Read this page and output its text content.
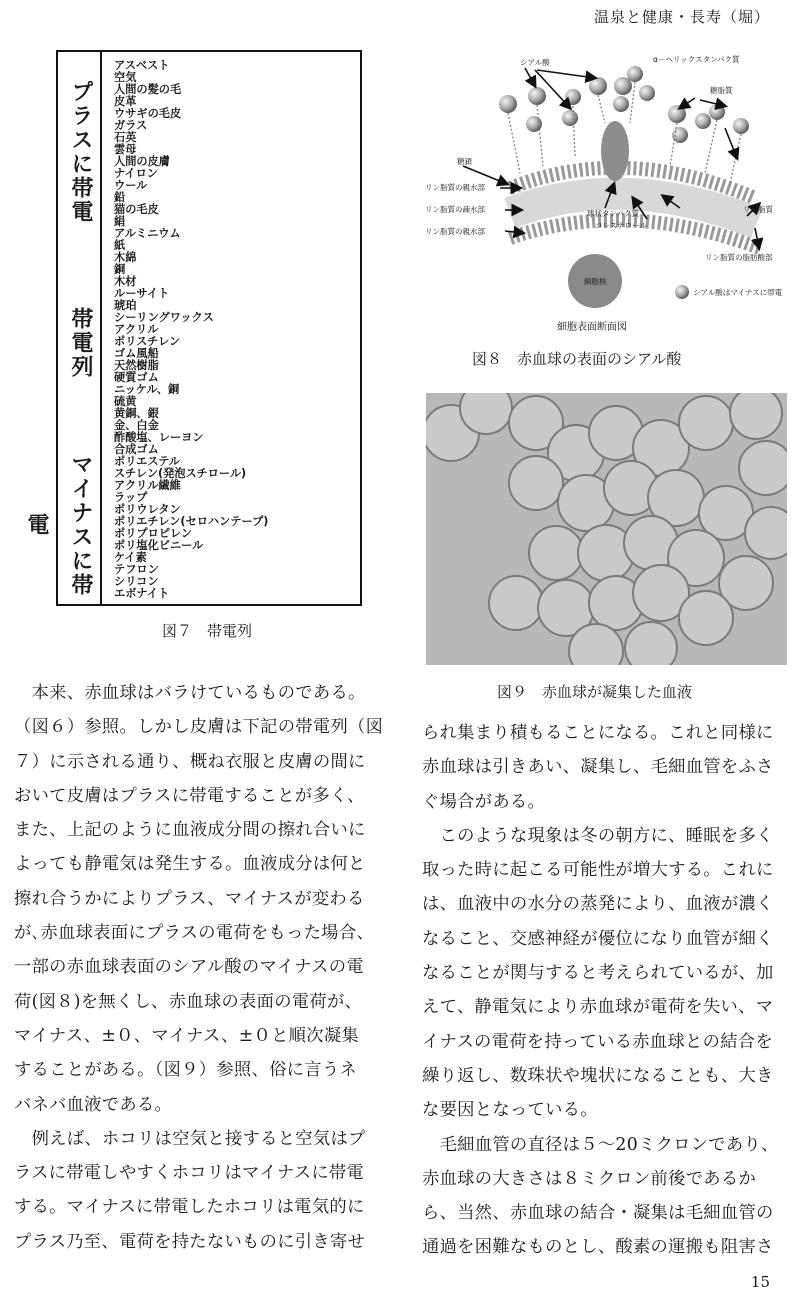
温泉と健康・長寿（堀）
プラスに帯電
帯電列
マイナスに帯電
アスベスト
空気
人間の髪の毛
皮革
ウサギの毛皮
ガラス
石英
雲母
人間の皮膚
ナイロン
ウール
鉛
猫の毛皮
絹
アルミニウム
紙
木綿
銅
木材
ルーサイト
琥珀
シーリングワックス
アクリル
ポリスチレン
ゴム風船
天然樹脂
硬質ゴム
ニッケル、銅
硫黄
黄銅、銀
金、白金
酢酸塩、レーヨン
合成ゴム
ポリエステル
スチレン(発泡スチロール)
アクリル繊維
ラップ
ポリウレタン
ポリエチレン(セロハンテープ)
ポリプロピレン
ポリ塩化ビニール
ケイ素
テフロン
シリコン
エボナイト
図７　帯電列
シアル酸	α－ヘリックスタンパク質
糖脂質
糖鎖
リン脂質の親水部
リン脂質の疎水部
リン脂質の親水部
球状タンパク質
コレステロール
リン脂質
リン脂質の脂肪酸部
シアル酸はマイナスに帯電
細胞表面断面図
細胞核
図８　赤血球の表面のシアル酸
図９　赤血球が凝集した血液

　本来、赤血球はバラけているものである。

（図６）参照。しかし皮膚は下記の帯電列（図

７）に示される通り、概ね衣服と皮膚の間に

おいて皮膚はプラスに帯電することが多く、

また、上記のように血液成分間の擦れ合いに

よっても静電気は発生する。血液成分は何と

擦れ合うかによりプラス、マイナスが変わる

が､赤血球表面にプラスの電荷をもった場合、

一部の赤血球表面のシアル酸のマイナスの電

荷(図８)を無くし、赤血球の表面の電荷が、

マイナス、±０、マイナス、±０と順次凝集

することがある。（図９）参照、俗に言うネ

バネバ血液である。

　例えば、ホコリは空気と接すると空気はプ

ラスに帯電しやすくホコリはマイナスに帯電

する。マイナスに帯電したホコリは電気的に

プラス乃至、電荷を持たないものに引き寄せ

られ集まり積もることになる。これと同様に

赤血球は引きあい、凝集し、毛細血管をふさ

ぐ場合がある。

　このような現象は冬の朝方に、睡眠を多く

取った時に起こる可能性が増大する。これに

は、血液中の水分の蒸発により、血液が濃く

なること、交感神経が優位になり血管が細く

なることが関与すると考えられているが、加

えて、静電気により赤血球が電荷を失い、マ

イナスの電荷を持っている赤血球との結合を

繰り返し、数珠状や塊状になることも、大き

な要因となっている。

　毛細血管の直径は５～20ミクロンであり、

赤血球の大きさは８ミクロン前後であるか

ら、当然、赤血球の結合・凝集は毛細血管の

通過を困難なものとし、酸素の運搬も阻害さ

15
